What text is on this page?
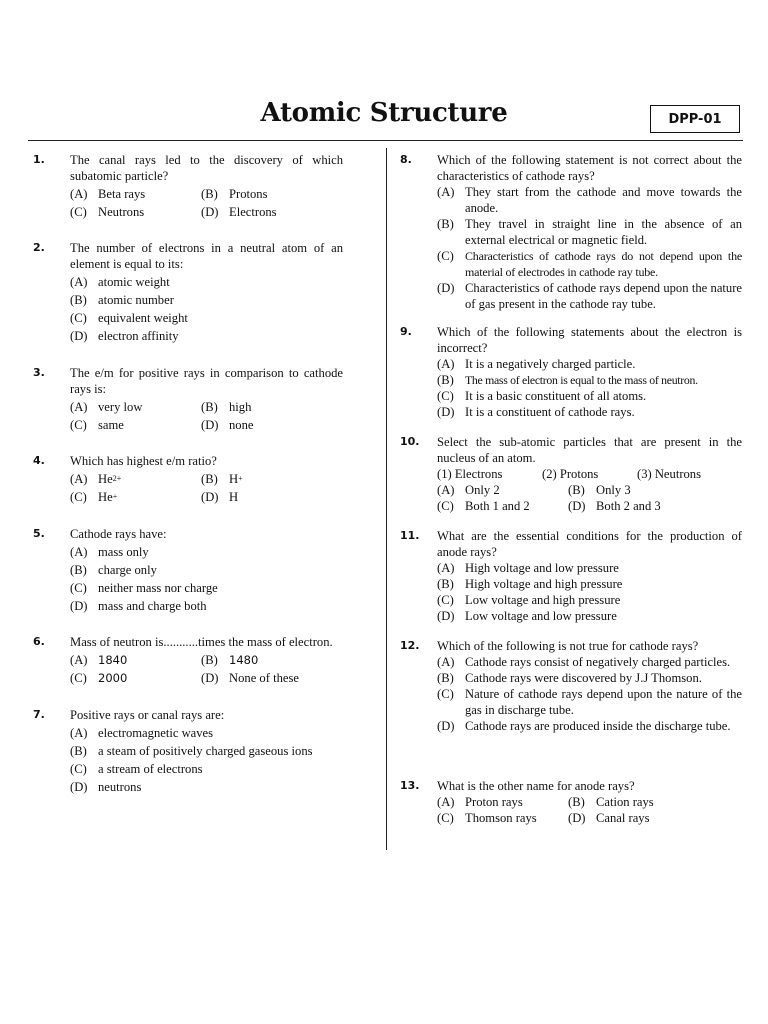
Atomic Structure	DPP-01
1. The canal rays led to the discovery of which subatomic particle?
(A) Beta rays	(B) Protons
(C) Neutrons	(D) Electrons
2. The number of electrons in a neutral atom of an element is equal to its:
(A) atomic weight
(B) atomic number
(C) equivalent weight
(D) electron affinity
3. The e/m for positive rays in comparison to cathode rays is:
(A) very low	(B) high
(C) same	(D) none
4. Which has highest e/m ratio?
(A) He 2+	(B) H +
(C) He +	(D) H
5. Cathode rays have:
(A) mass only
(B) charge only
(C) neither mass nor charge
(D) mass and charge both
6. Mass of neutron is...........times the mass of electron.
(A) 1840	(B) 1480
(C) 2000	(D) None of these
7. Positive rays or canal rays are:
(A) electromagnetic waves
(B) a steam of positively charged gaseous ions
(C) a stream of electrons
(D) neutrons
8. Which of the following statement is not correct about the characteristics of cathode rays?
(A) They start from the cathode and move towards the anode.
(B) They travel in straight line in the absence of an external electrical or magnetic field.
(C) Characteristics of cathode rays do not depend upon the material of electrodes in cathode ray tube.
(D) Characteristics of cathode rays depend upon the nature of gas present in the cathode ray tube.
9. Which of the following statements about the electron is incorrect?
(A) It is a negatively charged particle.
(B) The mass of electron is equal to the mass of neutron.
(C) It is a basic constituent of all atoms.
(D) It is a constituent of cathode rays.
10. Select the sub-atomic particles that are present in the nucleus of an atom.
(1) Electrons	(2) Protons	(3) Neutrons
(A) Only 2	(B) Only 3
(C) Both 1 and 2	(D) Both 2 and 3
11. What are the essential conditions for the production of anode rays?
(A) High voltage and low pressure
(B) High voltage and high pressure
(C) Low voltage and high pressure
(D) Low voltage and low pressure
12. Which of the following is not true for cathode rays?
(A) Cathode rays consist of negatively charged particles.
(B) Cathode rays were discovered by J.J Thomson.
(C) Nature of cathode rays depend upon the nature of the gas in discharge tube.
(D) Cathode rays are produced inside the discharge tube.
13. What is the other name for anode rays?
(A) Proton rays	(B) Cation rays
(C) Thomson rays (D) Canal rays
